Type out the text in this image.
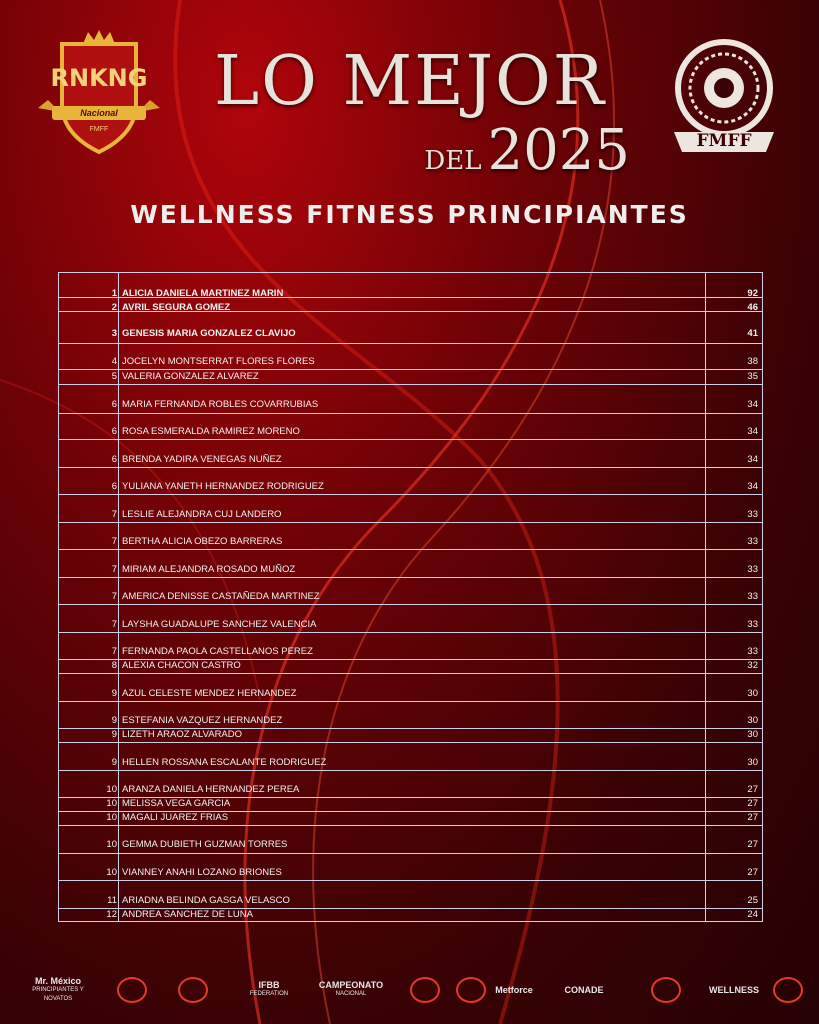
RNKNG
Nacional
FMFF
LO MEJOR
DEL 2025	FMFF
WELLNESS FITNESS PRINCIPIANTES
1 ALICIA DANIELA MARTINEZ MARIN	92
2 AVRIL SEGURA GOMEZ	46
3 GENESIS MARIA GONZALEZ CLAVIJO	41
4 JOCELYN MONTSERRAT FLORES FLORES	38
5 VALERIA GONZALEZ ALVAREZ	35
6 MARIA FERNANDA ROBLES COVARRUBIAS	34
6 ROSA ESMERALDA RAMIREZ MORENO	34
6 BRENDA YADIRA VENEGAS NUÑEZ	34
6 YULIANA YANETH HERNANDEZ RODRIGUEZ	34
7 LESLIE ALEJANDRA CUJ LANDERO	33
7 BERTHA ALICIA OBEZO BARRERAS	33
7 MIRIAM ALEJANDRA ROSADO MUÑOZ	33
7 AMERICA DENISSE CASTAÑEDA MARTINEZ	33
7 LAYSHA GUADALUPE SANCHEZ VALENCIA	33
7 FERNANDA PAOLA CASTELLANOS PEREZ	33
8 ALEXIA CHACON CASTRO	32
9 AZUL CELESTE MENDEZ HERNANDEZ	30
9 ESTEFANIA VAZQUEZ HERNANDEZ	30
9 LIZETH ARAOZ ALVARADO	30
9 HELLEN ROSSANA ESCALANTE RODRIGUEZ	30
10 ARANZA DANIELA HERNANDEZ PEREA	27
10 MELISSA VEGA GARCIA	27
10 MAGALI JUAREZ FRIAS	27
10 GEMMA DUBIETH GUZMAN TORRES	27
10 VIANNEY ANAHI LOZANO BRIONES	27
11 ARIADNA BELINDA GASGA VELASCO	25
12 ANDREA SANCHEZ DE LUNA	24
Mr. México
PRINCIPIANTES Y NOVATOS
IFBB
FEDERATION
CAMPEONATO
NACIONAL	Metforce	CONADE	WELLNESS
